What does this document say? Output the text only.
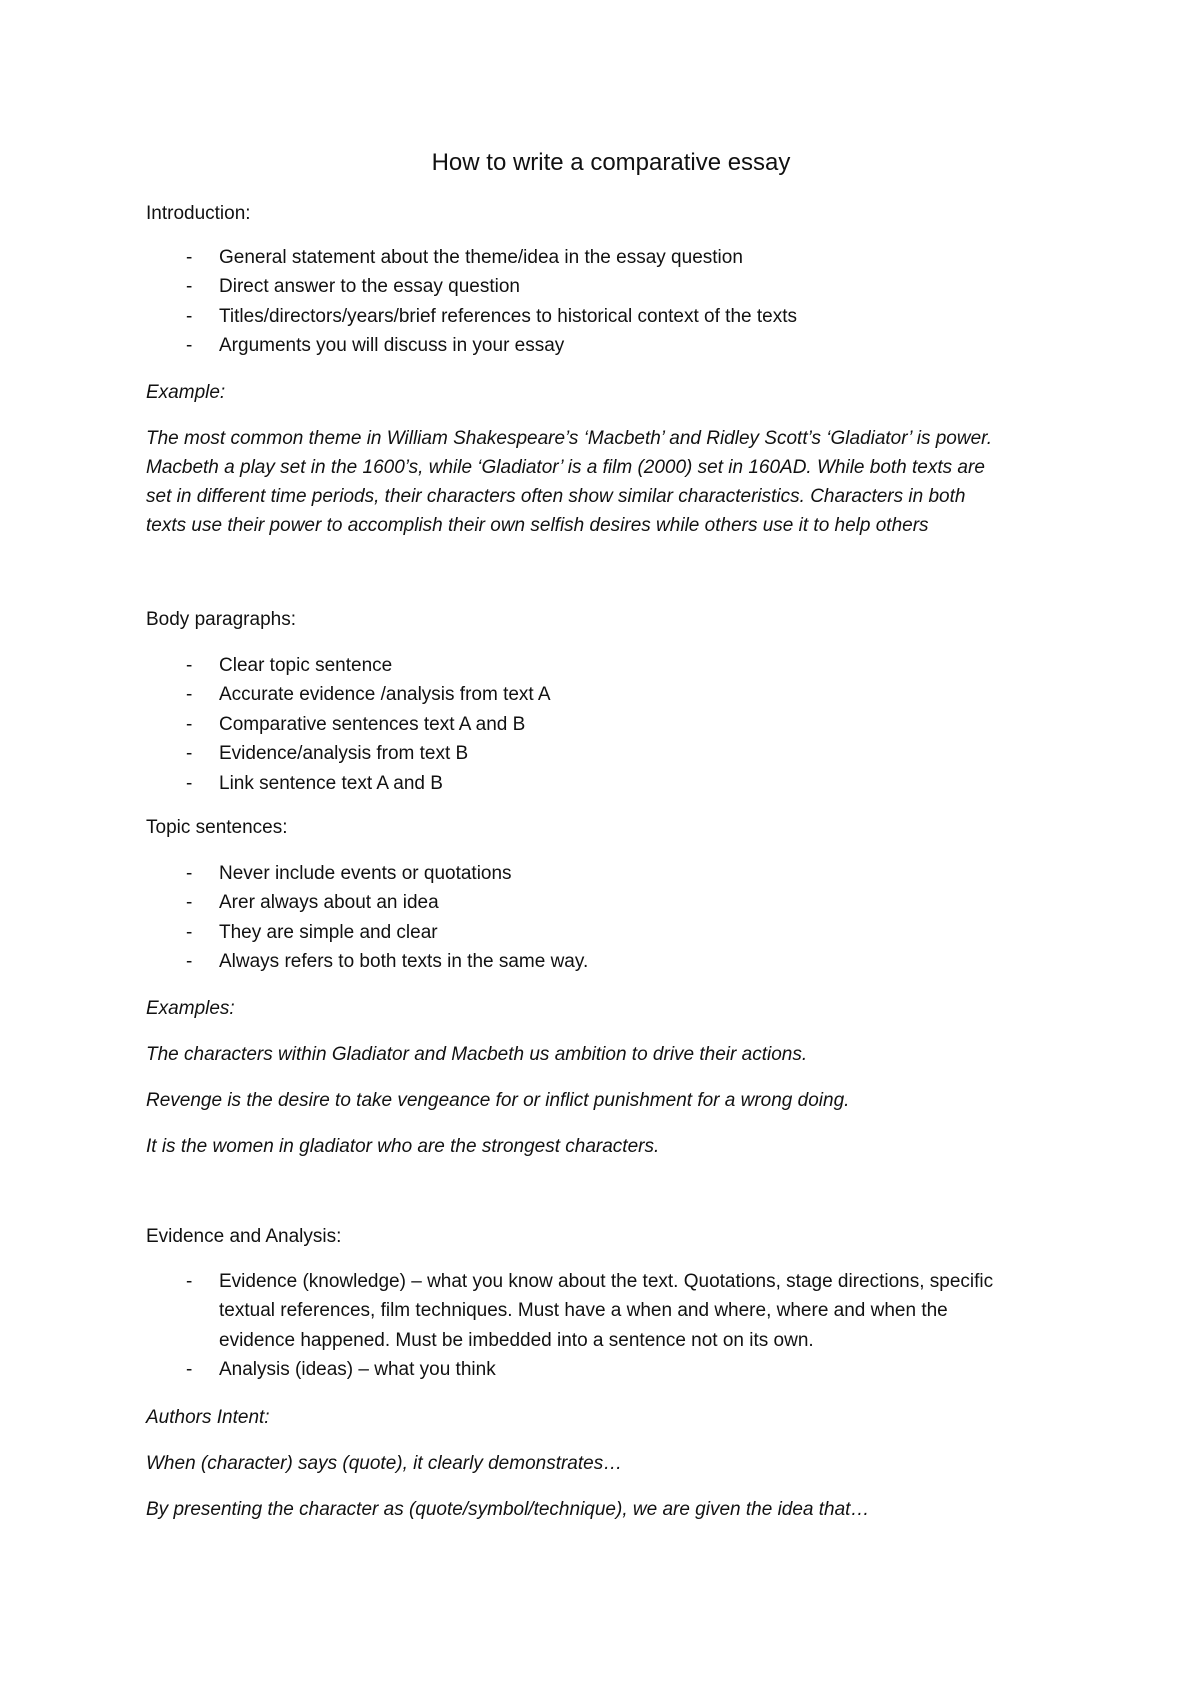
How to write a comparative essay
Introduction:
- General statement about the theme/idea in the essay question
- Direct answer to the essay question
- Titles/directors/years/brief references to historical context of the texts
- Arguments you will discuss in your essay
Example:
The most common theme in William Shakespeare’s ‘Macbeth’ and Ridley Scott’s ‘Gladiator’ is power.
Macbeth a play set in the 1600’s, while ‘Gladiator’ is a film (2000) set in 160AD. While both texts are
set in different time periods, their characters often show similar characteristics. Characters in both
texts use their power to accomplish their own selfish desires while others use it to help others
Body paragraphs:
- Clear topic sentence
- Accurate evidence /analysis from text A
- Comparative sentences text A and B
- Evidence/analysis from text B
- Link sentence text A and B
Topic sentences:
- Never include events or quotations
- Arer always about an idea
- They are simple and clear
- Always refers to both texts in the same way.
Examples:
The characters within Gladiator and Macbeth us ambition to drive their actions.
Revenge is the desire to take vengeance for or inflict punishment for a wrong doing.
It is the women in gladiator who are the strongest characters.
Evidence and Analysis:
- Evidence (knowledge) – what you know about the text. Quotations, stage directions, specific
textual references, film techniques. Must have a when and where, where and when the
evidence happened. Must be imbedded into a sentence not on its own.
- Analysis (ideas) – what you think
Authors Intent:
When (character) says (quote), it clearly demonstrates…
By presenting the character as (quote/symbol/technique), we are given the idea that…
